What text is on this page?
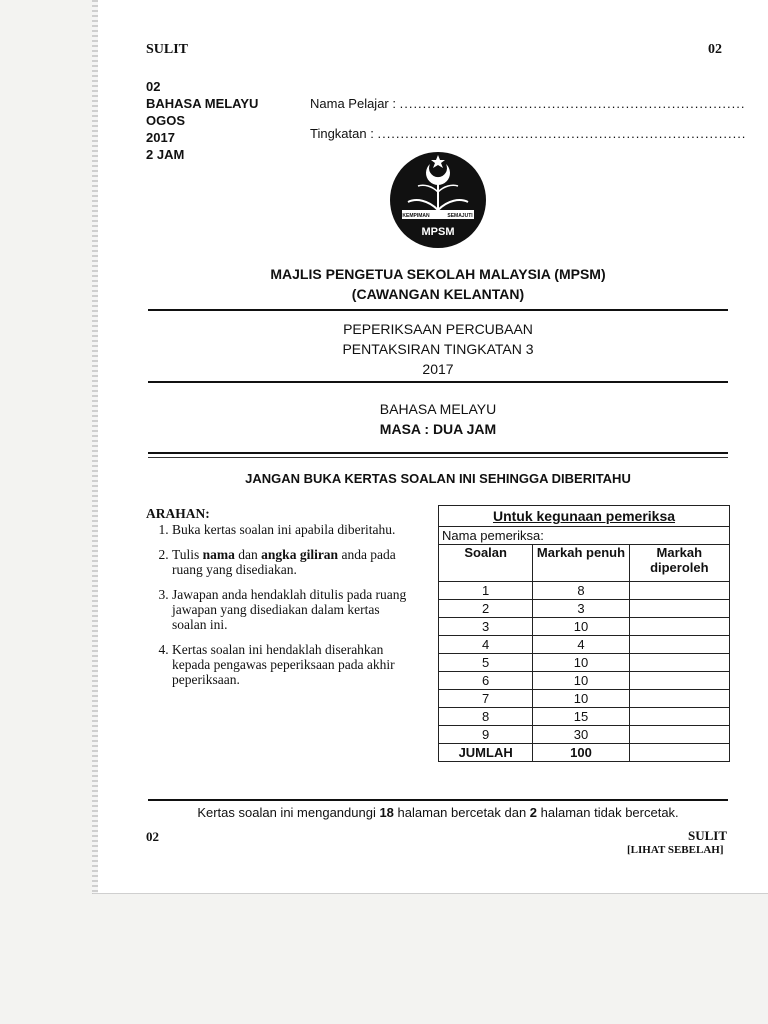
SULIT	02
02
BAHASA MELAYU
OGOS
2017
2 JAM
Nama Pelajar : ...........................................................................
Tingkatan : ................................................................................
KEMPIMAN	SEMAJUTI
MPSM
MAJLIS PENGETUA SEKOLAH MALAYSIA (MPSM)
(CAWANGAN KELANTAN)
PEPERIKSAAN PERCUBAAN
PENTAKSIRAN TINGKATAN 3
2017
BAHASA MELAYU
MASA : DUA JAM
JANGAN BUKA KERTAS SOALAN INI SEHINGGA DIBERITAHU
ARAHAN:
1. Buka kertas soalan ini apabila diberitahu.
2. Tulis nama dan angka giliran anda pada ruang yang disediakan.
3. Jawapan anda hendaklah ditulis pada ruang jawapan yang disediakan dalam kertas soalan ini.
4. Kertas soalan ini hendaklah diserahkan kepada pengawas peperiksaan pada akhir peperiksaan.
Untuk kegunaan pemeriksa		
Nama pemeriksa:		
Soalan	Markah penuh	Markah diperoleh
1	8	
2	3	
3	10	
4	4	
5	10	
6	10	
7	10	
8	15	
9	30	
JUMLAH	100	
Kertas soalan ini mengandungi 18 halaman bercetak dan 2 halaman tidak bercetak.
02	SULIT
[LIHAT SEBELAH]
